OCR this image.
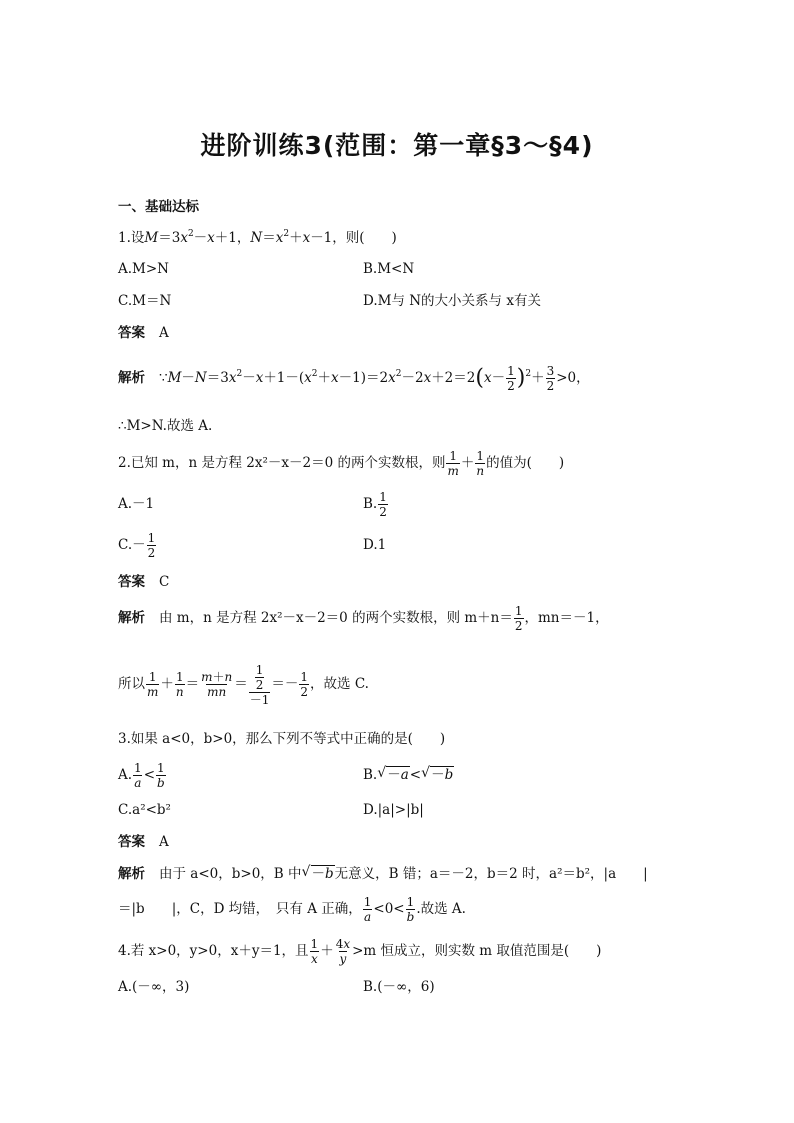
进阶训练3(范围：第一章§3～§4)
一、基础达标
1.设$M=3x^2-x+1$，$N=x^2+x-1$，则(　　)
A.M>N	B.M<N
C.M＝N	D.M与 N的大小关系与 x有关
答案 A
解析 $\because M-N=3x^2-x+1-(x^2+x-1)=2x^2-2x+2=2(x- \frac{1}{2} )^2+ \frac{3}{2} >0$，
∴M>N.故选 A.
2.已知 m，n 是方程 2x²－x－2＝0 的两个实数根，则 $\frac{1}{m} + \frac{1}{n}$ 的值为(　　)
A.－1	B. $\frac{1}{2}$
$C.- \frac{1}{2}$	D.1
答案 C
解析 由 m，n 是方程 2x²－x－2＝0 的两个实数根，则 $m+n= \frac{1}{2}$ ，mn＝－1，
所以 $\frac{1}{m} + \frac{1}{n} = \frac{m+n}{mn} = \frac{\frac{1}{2}}{-1} =- \frac{1}{2}$ ，故选 C.
3.如果 a<0，b>0，那么下列不等式中正确的是(　　)
A. $\frac{1}{a} < \frac{1}{b}$	B. √ －a< √ －b
C.a²<b²	D.|a|>|b|
答案 A
解析 由于 a<0，b>0，B 中 √ －b无意义，B 错；a＝－2，b＝2 时，a²＝b²，|a　　|
＝|b　　|，C，D 均错，　只有 A 正确， $\frac{1}{a} <0< \frac{1}{b}$ .故选 A.
4.若 x>0，y>0，x＋y＝1，且 $\frac{1}{x} + \frac{4x}{y} >m$ 恒成立，则实数 m 取值范围是(　　)
A.(－∞，3)	B.(－∞，6)
